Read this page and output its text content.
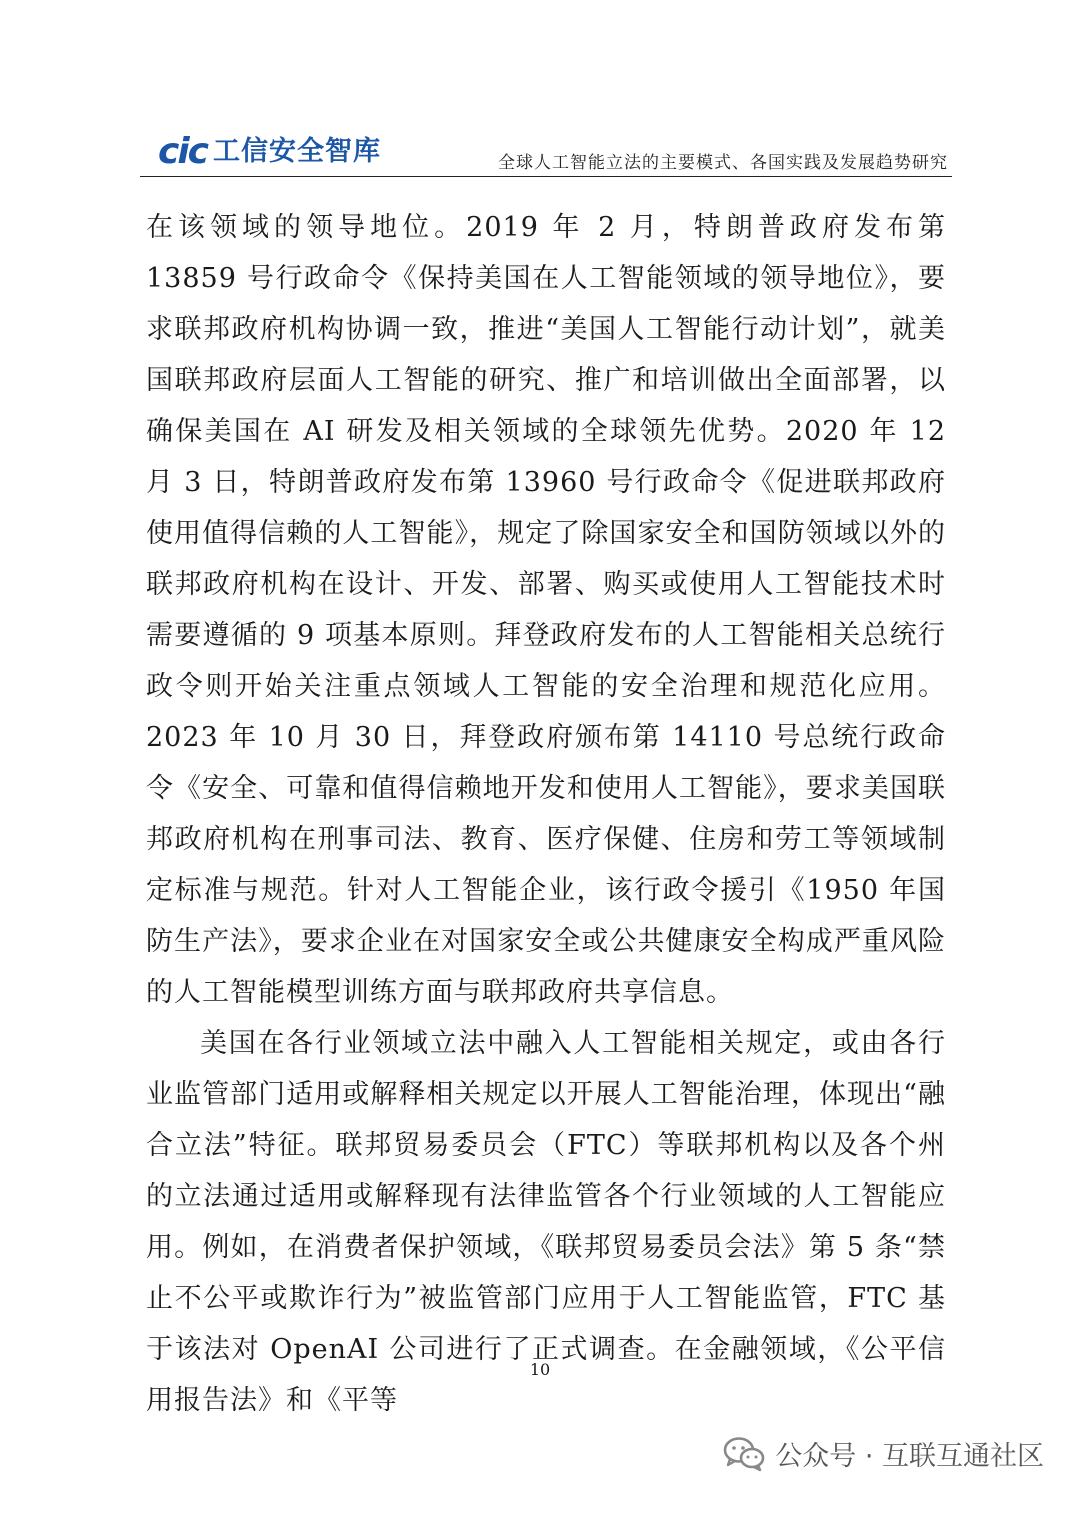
cic 工信安全智库	全球人工智能立法的主要模式、各国实践及发展趋势研究

在该领域的领导地位。2019 年 2 月，特朗普政府发布第 13859 号行政命令《保持美国在人工智能领域的领导地位》，要求联邦政府机构协调一致，推进“美国人工智能行动计划”，就美国联邦政府层面人工智能的研究、推广和培训做出全面部署，以确保美国在 AI 研发及相关领域的全球领先优势。2020 年 12 月 3 日，特朗普政府发布第 13960 号行政命令《促进联邦政府使用值得信赖的人工智能》，规定了除国家安全和国防领域以外的联邦政府机构在设计、开发、部署、购买或使用人工智能技术时需要遵循的 9 项基本原则。拜登政府发布的人工智能相关总统行政令则开始关注重点领域人工智能的安全治理和规范化应用。2023 年 10 月 30 日，拜登政府颁布第 14110 号总统行政命令《安全、可靠和值得信赖地开发和使用人工智能》，要求美国联邦政府机构在刑事司法、教育、医疗保健、住房和劳工等领域制定标准与规范。针对人工智能企业，该行政令援引《1950 年国防生产法》，要求企业在对国家安全或公共健康安全构成严重风险的人工智能模型训练方面与联邦政府共享信息。

美国在各行业领域立法中融入人工智能相关规定，或由各行业监管部门适用或解释相关规定以开展人工智能治理，体现出“融合立法”特征。联邦贸易委员会（FTC）等联邦机构以及各个州的立法通过适用或解释现有法律监管各个行业领域的人工智能应用。例如，在消费者保护领域，《联邦贸易委员会法》第 5 条“禁止不公平或欺诈行为”被监管部门应用于人工智能监管，FTC 基于该法对 OpenAI 公司进行了正式调查。在金融领域，《公平信用报告法》和《平等

10
公众号 · 互联互通社区
